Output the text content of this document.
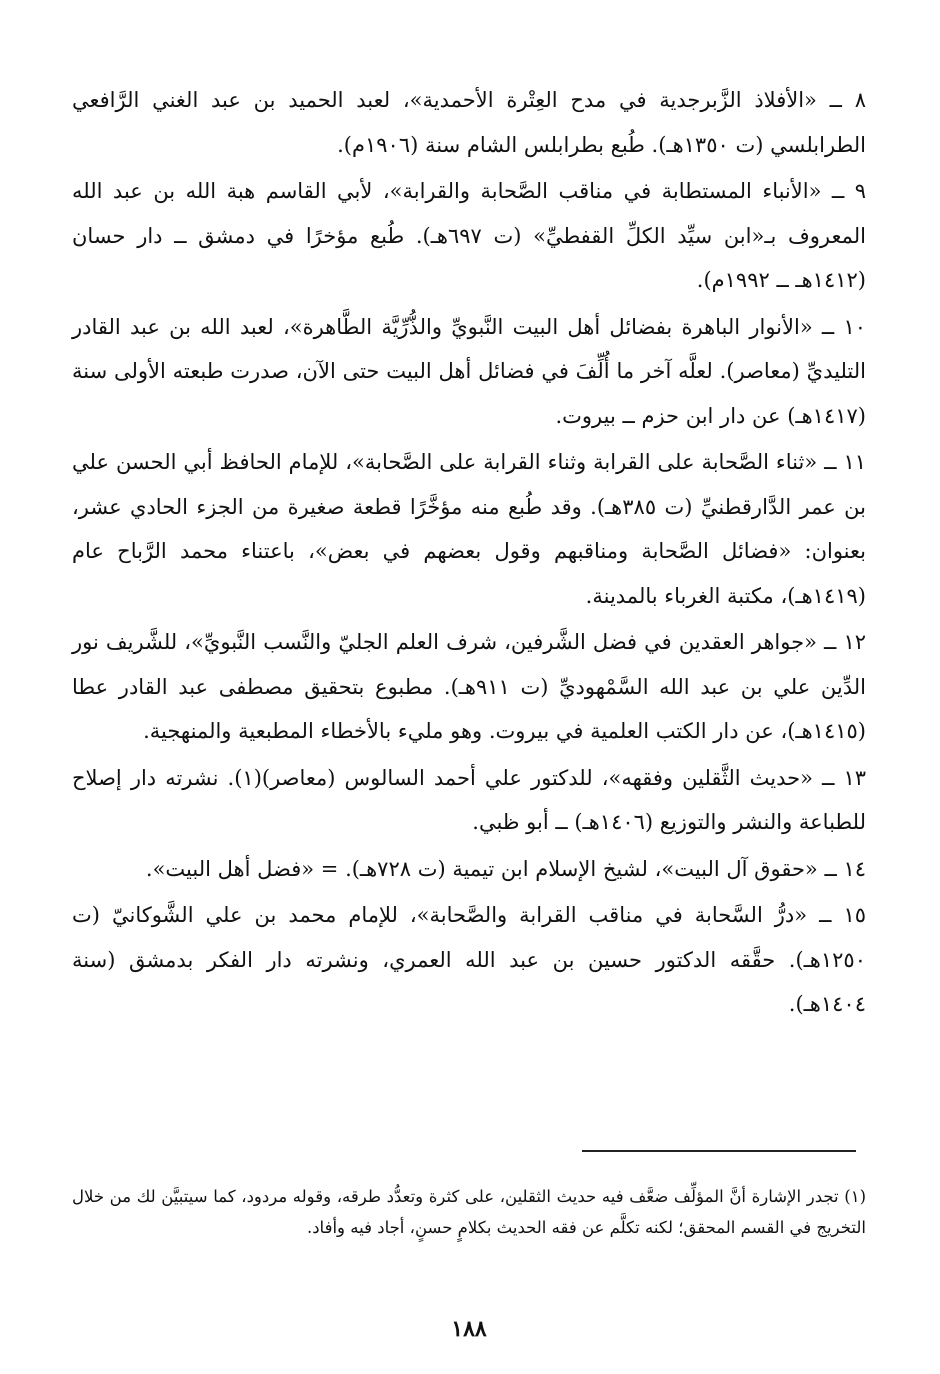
٨ ــ «الأفلاذ الزَّبرجدية في مدح العِتْرة الأحمدية»، لعبد الحميد بن عبد الغني الرَّافعي الطرابلسي (ت ١٣٥٠هـ). طُبع بطرابلس الشام سنة (١٩٠٦م).

٩ ــ «الأنباء المستطابة في مناقب الصَّحابة والقرابة»، لأبي القاسم هبة الله بن عبد الله المعروف بـ«ابن سيِّد الكلِّ القفطيِّ» (ت ٦٩٧هـ). طُبع مؤخرًا في دمشق ــ دار حسان (١٤١٢هـ ــ ١٩٩٢م).

١٠ ــ «الأنوار الباهرة بفضائل أهل البيت النَّبويِّ والذُّرِّيَّة الطَّاهرة»، لعبد الله بن عبد القادر التليديِّ (معاصر). لعلَّه آخر ما أُلِّفَ في فضائل أهل البيت حتى الآن، صدرت طبعته الأولى سنة (١٤١٧هـ) عن دار ابن حزم ــ بيروت.

١١ ــ «ثناء الصَّحابة على القرابة وثناء القرابة على الصَّحابة»، للإمام الحافظ أبي الحسن علي بن عمر الدَّارقطنيِّ (ت ٣٨٥هـ). وقد طُبع منه مؤخَّرًا قطعة صغيرة من الجزء الحادي عشر، بعنوان: «فضائل الصَّحابة ومناقبهم وقول بعضهم في بعض»، باعتناء محمد الرَّباح عام (١٤١٩هـ)، مكتبة الغرباء بالمدينة.

١٢ ــ «جواهر العقدين في فضل الشَّرفين، شرف العلم الجليّ والنَّسب النَّبويِّ»، للشَّريف نور الدِّين علي بن عبد الله السَّمْهوديِّ (ت ٩١١هـ). مطبوع بتحقيق مصطفى عبد القادر عطا (١٤١٥هـ)، عن دار الكتب العلمية في بيروت. وهو مليء بالأخطاء المطبعية والمنهجية.

١٣ ــ «حديث الثَّقلين وفقهه»، للدكتور علي أحمد السالوس (معاصر)(١). نشرته دار إصلاح للطباعة والنشر والتوزيع (١٤٠٦هـ) ــ أبو ظبي.

١٤ ــ «حقوق آل البيت»، لشيخ الإسلام ابن تيمية (ت ٧٢٨هـ). = «فضل أهل البيت».

١٥ ــ «درُّ السَّحابة في مناقب القرابة والصَّحابة»، للإمام محمد بن علي الشَّوكانيّ (ت ١٢٥٠هـ). حقَّقه الدكتور حسين بن عبد الله العمري، ونشرته دار الفكر بدمشق (سنة ١٤٠٤هـ).

(١) تجدر الإشارة أنَّ المؤلِّف ضعَّف فيه حديث الثقلين، على كثرة وتعدُّد طرقه، وقوله مردود، كما سيتبيَّن لك من خلال التخريج في القسم المحقق؛ لكنه تكلَّم عن فقه الحديث بكلامٍ حسنٍ، أجاد فيه وأفاد.

١٨٨
